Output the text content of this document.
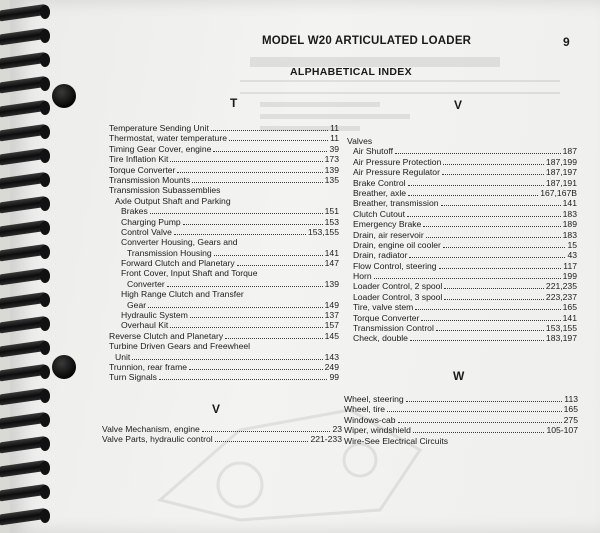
MODEL W20 ARTICULATED LOADER	9
ALPHABETICAL INDEX
T
Temperature Sending Unit	11
Thermostat, water temperature	11
Timing Gear Cover, engine	39
Tire Inflation Kit	173
Torque Converter	139
Transmission Mounts	135
Transmission Subassemblies
Axle Output Shaft and Parking
Brakes	151
Charging Pump	153
Control Valve	153,155
Converter Housing, Gears and
Transmission Housing	141
Forward Clutch and Planetary	147
Front Cover, Input Shaft and Torque
Converter	139
High Range Clutch and Transfer
Gear	149
Hydraulic System	137
Overhaul Kit	157
Reverse Clutch and Planetary	145
Turbine Driven Gears and Freewheel
Unit	143
Trunnion, rear frame	249
Turn Signals	99
V
Valve Mechanism, engine	23
Valve Parts, hydraulic control	221-233
V
Valves
Air Shutoff	187
Air Pressure Protection	187,199
Air Pressure Regulator	187,197
Brake Control	187,191
Breather, axle	167,167B
Breather, transmission	141
Clutch Cutout	183
Emergency Brake	189
Drain, air reservoir	183
Drain, engine oil cooler	15
Drain, radiator	43
Flow Control, steering	117
Horn	199
Loader Control, 2 spool	221,235
Loader Control, 3 spool	223,237
Tire, valve stem	165
Torque Converter	141
Transmission Control	153,155
Check, double	183,197
W
Wheel, steering	113
Wheel, tire	165
Windows-cab	275
Wiper, windshield	105-107
Wire-See Electrical Circuits
